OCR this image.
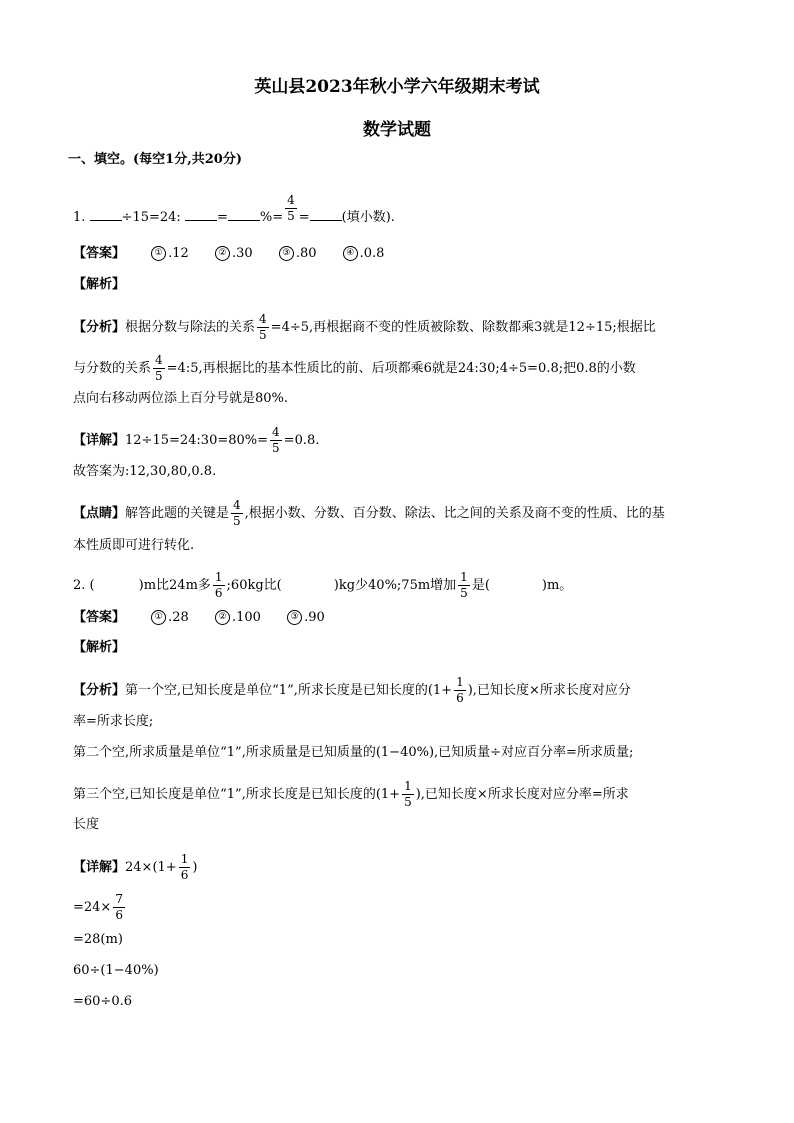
英山县2023年秋小学六年级期末考试
数学试题
一、填空。(每空1分,共20分)
1.	÷15=24:	= %= $\frac{4}{5}$ = (填小数).
【答案】	① .12	② .30	③ .80	④ .0.8
【解析】
【分析】根据分数与除法的关系 $\frac{4}{5} =4\div 5$,再根据商不变的性质被除数、除数都乘3就是12÷15;根据比
与分数的关系 $\frac{4}{5}$ =4:5,再根据比的基本性质比的前、后项都乘6就是24:30;4÷5=0.8;把0.8的小数
点向右移动两位添上百分号就是80%.
【详解】12÷15=24:30=80%= $\frac{4}{5} =0.8$.
故答案为:12,30,80,0.8.
【点睛】解答此题的关键是 $\frac{4}{5}$ ,根据小数、分数、百分数、除法、比之间的关系及商不变的性质、比的基
本性质即可进行转化.
2. (	)m比24m多 $\frac{1}{6}$ ;60kg比(	)kg少40%;75m增加 $\frac{1}{5}$ 是(	)m。
【答案】	① .28	② .100	③ .90
【解析】
【分析】第一个空,已知长度是单位“1”,所求长度是已知长度的($1+ \frac{1}{6}$ ),已知长度×所求长度对应分
率=所求长度;
第二个空,所求质量是单位“1”,所求质量是已知质量的(1−40%),已知质量÷对应百分率=所求质量;
第三个空,已知长度是单位“1”,所求长度是已知长度的($1+ \frac{1}{5}$ ),已知长度×所求长度对应分率=所求
长度
【详解】$24\times(1+ \frac{1}{6}$ )
$=24\times \frac{7}{6}$
=28(m)
60÷(1−40%)
=60÷0.6
